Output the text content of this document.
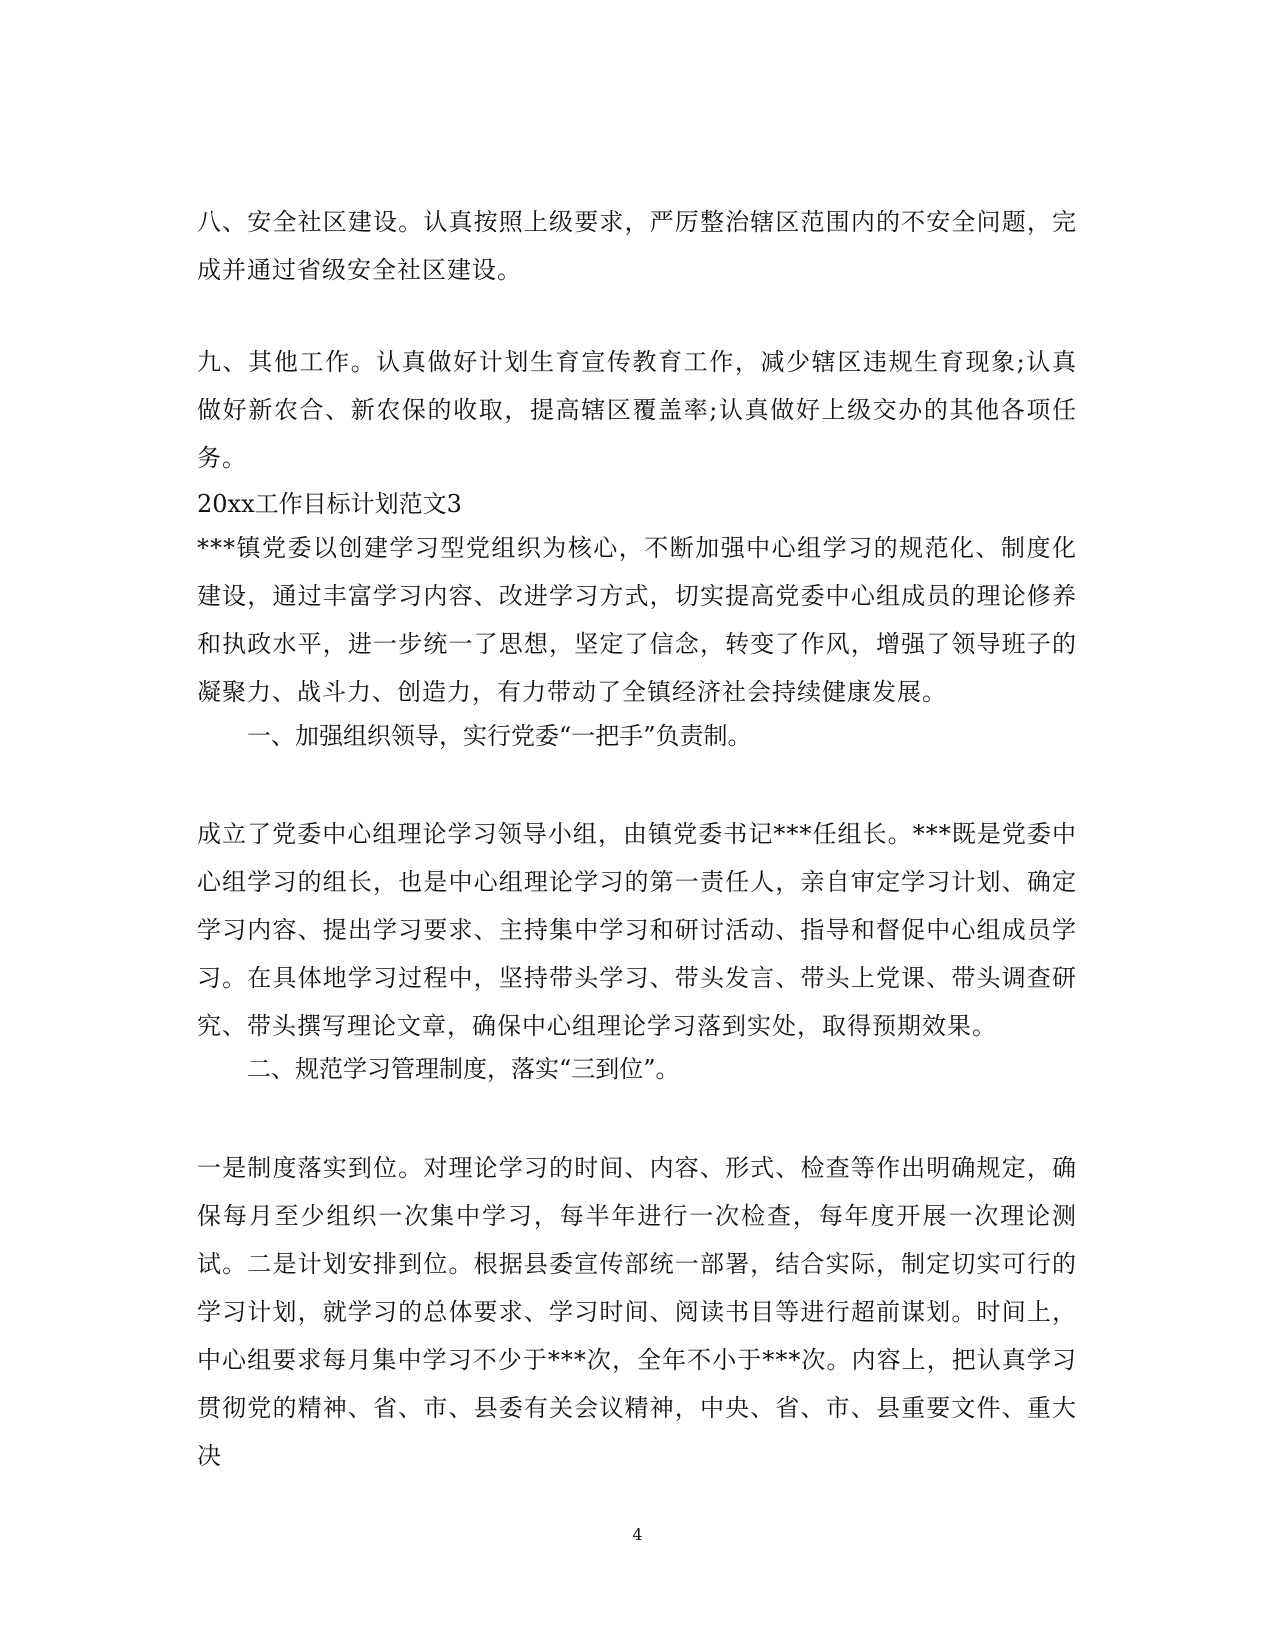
八、安全社区建设。认真按照上级要求，严厉整治辖区范围内的不安全问题，完成并通过省级安全社区建设。

九、其他工作。认真做好计划生育宣传教育工作，减少辖区违规生育现象;认真做好新农合、新农保的收取，提高辖区覆盖率;认真做好上级交办的其他各项任务。

20xx工作目标计划范文3

***镇党委以创建学习型党组织为核心，不断加强中心组学习的规范化、制度化建设，通过丰富学习内容、改进学习方式，切实提高党委中心组成员的理论修养和执政水平，进一步统一了思想，坚定了信念，转变了作风，增强了领导班子的凝聚力、战斗力、创造力，有力带动了全镇经济社会持续健康发展。

一、加强组织领导，实行党委“一把手”负责制。

成立了党委中心组理论学习领导小组，由镇党委书记***任组长。***既是党委中心组学习的组长，也是中心组理论学习的第一责任人，亲自审定学习计划、确定学习内容、提出学习要求、主持集中学习和研讨活动、指导和督促中心组成员学习。在具体地学习过程中，坚持带头学习、带头发言、带头上党课、带头调查研究、带头撰写理论文章，确保中心组理论学习落到实处，取得预期效果。

二、规范学习管理制度，落实“三到位”。

一是制度落实到位。对理论学习的时间、内容、形式、检查等作出明确规定，确保每月至少组织一次集中学习，每半年进行一次检查，每年度开展一次理论测试。二是计划安排到位。根据县委宣传部统一部署，结合实际，制定切实可行的学习计划，就学习的总体要求、学习时间、阅读书目等进行超前谋划。时间上，中心组要求每月集中学习不少于***次，全年不小于***次。内容上，把认真学习贯彻党的精神、省、市、县委有关会议精神，中央、省、市、县重要文件、重大决

4
